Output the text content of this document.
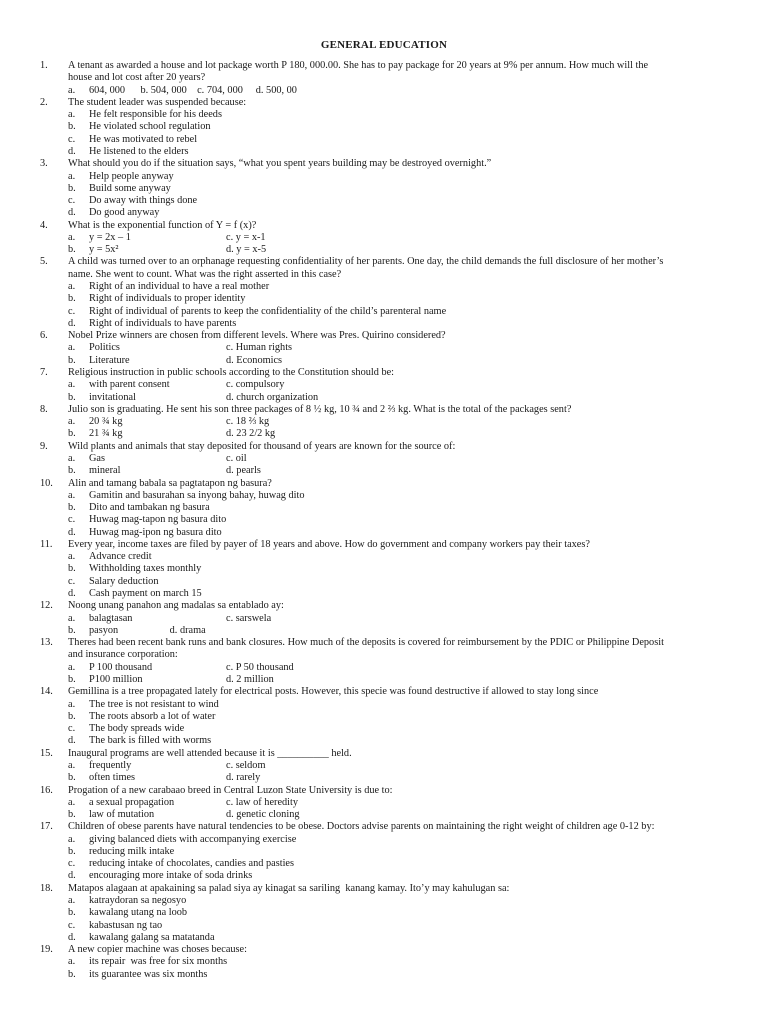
GENERAL EDUCATION
1.	A tenant as awarded a house and lot package worth P 180, 000.00. She has to pay package for 20 years at 9% per annum. How much will the
house and lot cost after 20 years?
a.	604, 000      b. 504, 000    c. 704, 000     d. 500, 00
2.	The student leader was suspended because:
a.	He felt responsible for his deeds
b.	He violated school regulation
c.	He was motivated to rebel
d.	He listened to the elders
3.	What should you do if the situation says, “what you spent years building may be destroyed overnight.”
a.	Help people anyway
b.	Build some anyway
c.	Do away with things done
d.	Do good anyway
4.	What is the exponential function of Y = f (x)?
a.	y = 2x – 1	c. y = x-1
b.	y = 5x²	d. y = x-5
5.	A child was turned over to an orphanage requesting confidentiality of her parents. One day, the child demands the full disclosure of her mother’s
name. She went to count. What was the right asserted in this case?
a.	Right of an individual to have a real mother
b.	Right of individuals to proper identity
c.	Right of individual of parents to keep the confidentiality of the child’s parenteral name
d.	Right of individuals to have parents
6.	Nobel Prize winners are chosen from different levels. Where was Pres. Quirino considered?
a.	Politics	c. Human rights
b.	Literature	d. Economics
7.	Religious instruction in public schools according to the Constitution should be:
a.	with parent consent	c. compulsory
b.	invitational	d. church organization
8.	Julio son is graduating. He sent his son three packages of 8 ½ kg, 10 ¾ and 2 ⅔ kg. What is the total of the packages sent?
a.	20 ¾ kg	c. 18 ⅔ kg
b.	21 ¾ kg	d. 23 2/2 kg
9.	Wild plants and animals that stay deposited for thousand of years are known for the source of:
a.	Gas	c. oil
b.	mineral	d. pearls
10.	Alin and tamang babala sa pagtatapon ng basura?
a.	Gamitin and basurahan sa inyong bahay, huwag dito
b.	Dito and tambakan ng basura
c.	Huwag mag-tapon ng basura dito
d.	Huwag mag-ipon ng basura dito
11.	Every year, income taxes are filed by payer of 18 years and above. How do government and company workers pay their taxes?
a.	Advance credit
b.	Withholding taxes monthly
c.	Salary deduction
d.	Cash payment on march 15
12.	Noong unang panahon ang madalas sa entablado ay:
a.	balagtasan	c. sarswela
b.	pasyon                    d. drama
13.	Theres had been recent bank runs and bank closures. How much of the deposits is covered for reimbursement by the PDIC or Philippine Deposit
and insurance corporation:
a.	P 100 thousand	c. P 50 thousand
b.	P100 million	d. 2 million
14.	Gemillina is a tree propagated lately for electrical posts. However, this specie was found destructive if allowed to stay long since
a.	The tree is not resistant to wind
b.	The roots absorb a lot of water
c.	The body spreads wide
d.	The bark is filled with worms
15.	Inaugural programs are well attended because it is __________ held.
a.	frequently	c. seldom
b.	often times	d. rarely
16.	Progation of a new carabaao breed in Central Luzon State University is due to:
a.	a sexual propagation	c. law of heredity
b.	law of mutation	d. genetic cloning
17.	Children of obese parents have natural tendencies to be obese. Doctors advise parents on maintaining the right weight of children age 0-12 by:
a.	giving balanced diets with accompanying exercise
b.	reducing milk intake
c.	reducing intake of chocolates, candies and pasties
d.	encouraging more intake of soda drinks
18.	Matapos alagaan at apakaining sa palad siya ay kinagat sa sariling  kanang kamay. Ito’y may kahulugan sa:
a.	katraydoran sa negosyo
b.	kawalang utang na loob
c.	kabastusan ng tao
d.	kawalang galang sa matatanda
19.	A new copier machine was choses because:
a.	its repair  was free for six months
b.	its guarantee was six months
